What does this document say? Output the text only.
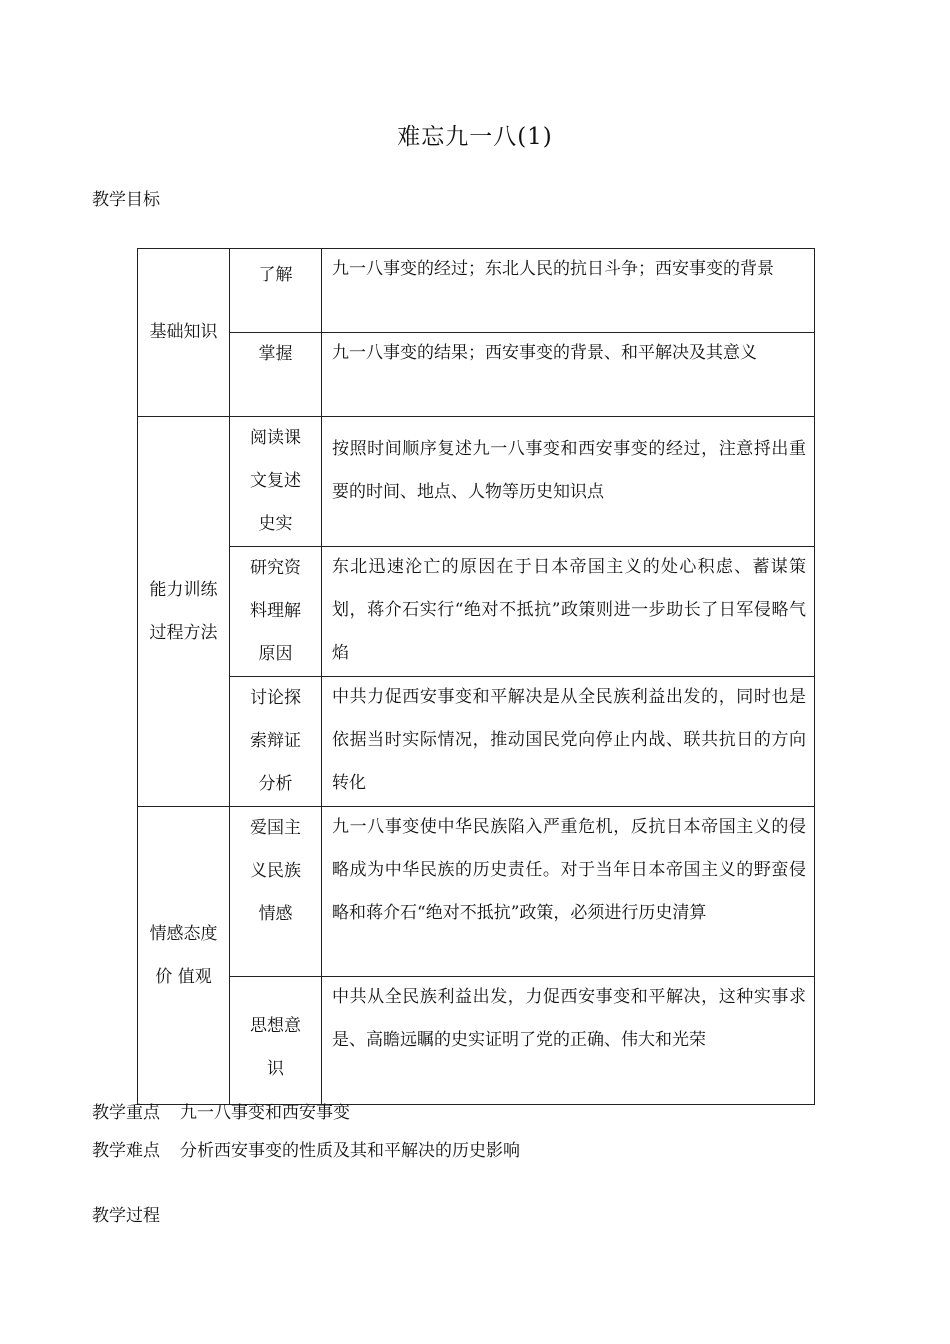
难忘九一八(1)
教学目标
基础知识	了解	九一八事变的经过；东北人民的抗日斗争；西安事变的背景

	掌握	九一八事变的结果；西安事变的背景、和平解决及其意义

能力训练过程方法	阅读课文复述史实	按照时间顺序复述九一八事变和西安事变的经过，注意捋出重要的时间、地点、人物等历史知识点

	研究资料理解原因	东北迅速沦亡的原因在于日本帝国主义的处心积虑、蓄谋策划，蒋介石实行“绝对不抵抗”政策则进一步助长了日军侵略气焰

	讨论探索辩证分析	中共力促西安事变和平解决是从全民族利益出发的，同时也是依据当时实际情况，推动国民党向停止内战、联共抗日的方向转化

情感态度价 值观	爱国主义民族情感	九一八事变使中华民族陷入严重危机，反抗日本帝国主义的侵略成为中华民族的历史责任。对于当年日本帝国主义的野蛮侵略和蒋介石“绝对不抵抗”政策，必须进行历史清算

	思想意识	中共从全民族利益出发，力促西安事变和平解决，这种实事求是、高瞻远瞩的史实证明了党的正确、伟大和光荣
教学重点 九一八事变和西安事变
教学难点 分析西安事变的性质及其和平解决的历史影响
教学过程
